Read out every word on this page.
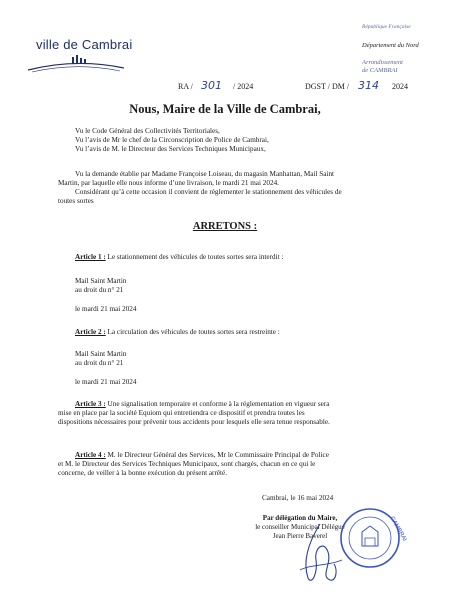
ville de Cambrai
République Française
Département du Nord
Arrondissement
de CAMBRAI
RA / 301 / 2024	DGST / DM / 314 2024
Nous, Maire de la Ville de Cambrai,
Vu le Code Général des Collectivités Territoriales,
Vu l’avis de Mr le chef de la Circonscription de Police de Cambrai,
Vu l’avis de M. le Directeur des Services Techniques Municipaux,
Vu la demande établie par Madame Françoise Loiseau, du magasin Manhattan, Mail Saint
Martin, par laquelle elle nous informe d’une livraison, le mardi 21 mai 2024.
Considérant qu’à cette occasion il convient de réglementer le stationnement des véhicules de
toutes sortes
ARRETONS :
Article 1 : Le stationnement des véhicules de toutes sortes sera interdit :
Mail Saint Martin
au droit du n° 21
le mardi 21 mai 2024
Article 2 : La circulation des véhicules de toutes sortes sera restreinte :
Mail Saint Martin
au droit du n° 21
le mardi 21 mai 2024
Article 3 : Une signalisation temporaire et conforme à la réglementation en vigueur sera
mise en place par la société Equiom qui entretiendra ce dispositif et prendra toutes les
dispositions nécessaires pour prévenir tous accidents pour lesquels elle sera tenue responsable.
Article 4 : M. le Directeur Général des Services, Mr le Commissaire Principal de Police
et M. le Directeur des Services Techniques Municipaux, sont chargés, chacun en ce qui le
concerne, de veiller à la bonne exécution du présent arrêté.
Cambrai, le 16 mai 2024
Par délégation du Maire,
le conseiller Municipal Délégué
Jean Pierre Baverel	CAMBRAI
